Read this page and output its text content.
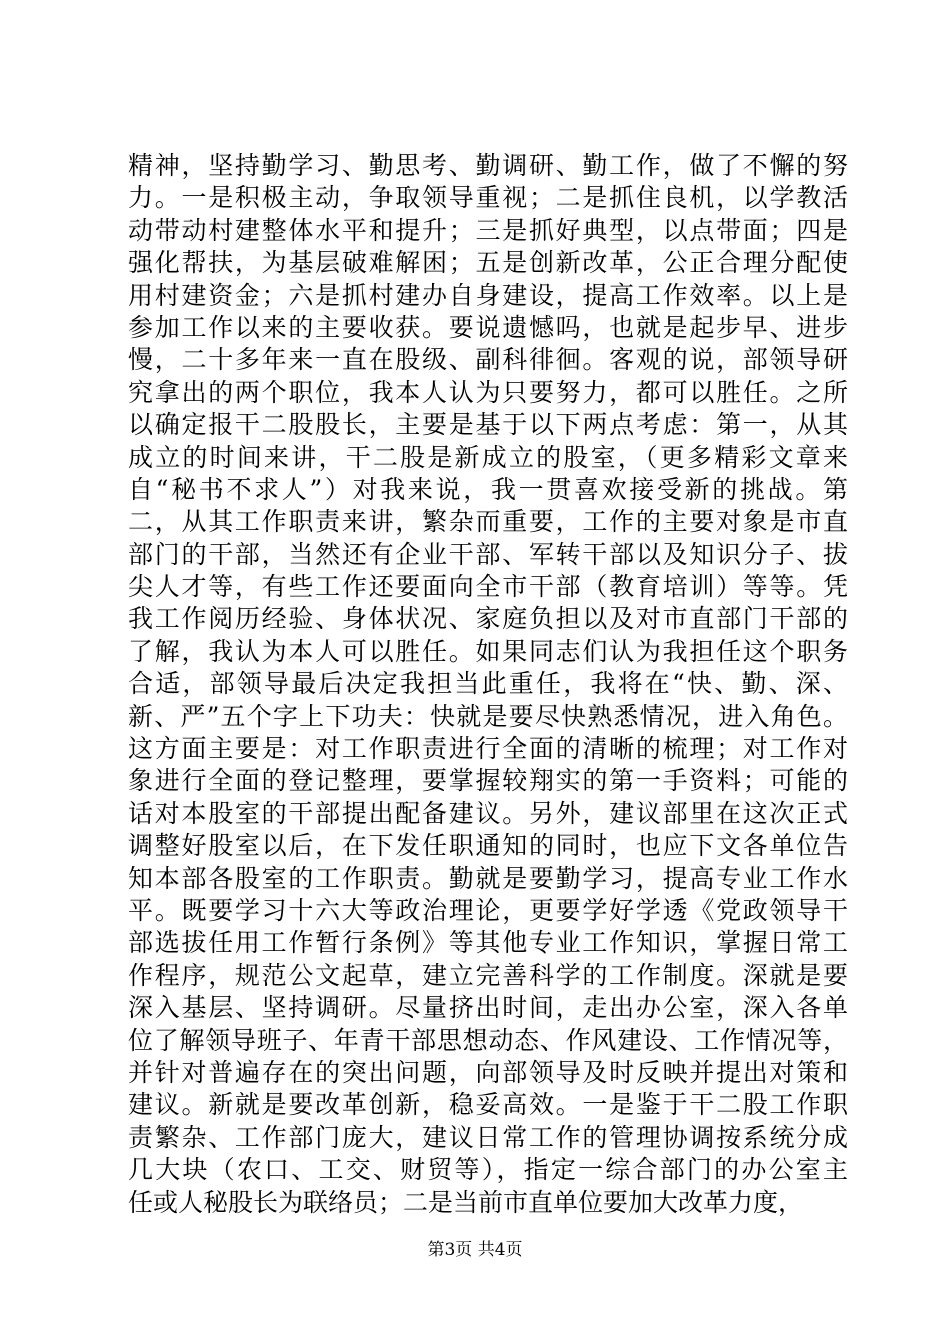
精神，坚持勤学习、勤思考、勤调研、勤工作，做了不懈的努
力。一是积极主动，争取领导重视；二是抓住良机，以学教活
动带动村建整体水平和提升；三是抓好典型，以点带面；四是
强化帮扶，为基层破难解困；五是创新改革，公正合理分配使
用村建资金；六是抓村建办自身建设，提高工作效率。以上是
参加工作以来的主要收获。要说遗憾吗，也就是起步早、进步
慢，二十多年来一直在股级、副科徘徊。客观的说，部领导研
究拿出的两个职位，我本人认为只要努力，都可以胜任。之所
以确定报干二股股长，主要是基于以下两点考虑：第一，从其
成立的时间来讲，干二股是新成立的股室，（更多精彩文章来
自“秘书不求人”）对我来说，我一贯喜欢接受新的挑战。第
二，从其工作职责来讲，繁杂而重要，工作的主要对象是市直
部门的干部，当然还有企业干部、军转干部以及知识分子、拔
尖人才等，有些工作还要面向全市干部（教育培训）等等。凭
我工作阅历经验、身体状况、家庭负担以及对市直部门干部的
了解，我认为本人可以胜任。如果同志们认为我担任这个职务
合适，部领导最后决定我担当此重任，我将在“快、勤、深、
新、严”五个字上下功夫：快就是要尽快熟悉情况，进入角色。
这方面主要是：对工作职责进行全面的清晰的梳理；对工作对
象进行全面的登记整理，要掌握较翔实的第一手资料；可能的
话对本股室的干部提出配备建议。另外，建议部里在这次正式
调整好股室以后，在下发任职通知的同时，也应下文各单位告
知本部各股室的工作职责。勤就是要勤学习，提高专业工作水
平。既要学习十六大等政治理论，更要学好学透《党政领导干
部选拔任用工作暂行条例》等其他专业工作知识，掌握日常工
作程序，规范公文起草，建立完善科学的工作制度。深就是要
深入基层、坚持调研。尽量挤出时间，走出办公室，深入各单
位了解领导班子、年青干部思想动态、作风建设、工作情况等，
并针对普遍存在的突出问题，向部领导及时反映并提出对策和
建议。新就是要改革创新，稳妥高效。一是鉴于干二股工作职
责繁杂、工作部门庞大，建议日常工作的管理协调按系统分成
几大块（农口、工交、财贸等），指定一综合部门的办公室主
任或人秘股长为联络员；二是当前市直单位要加大改革力度，
第3页 共4页
